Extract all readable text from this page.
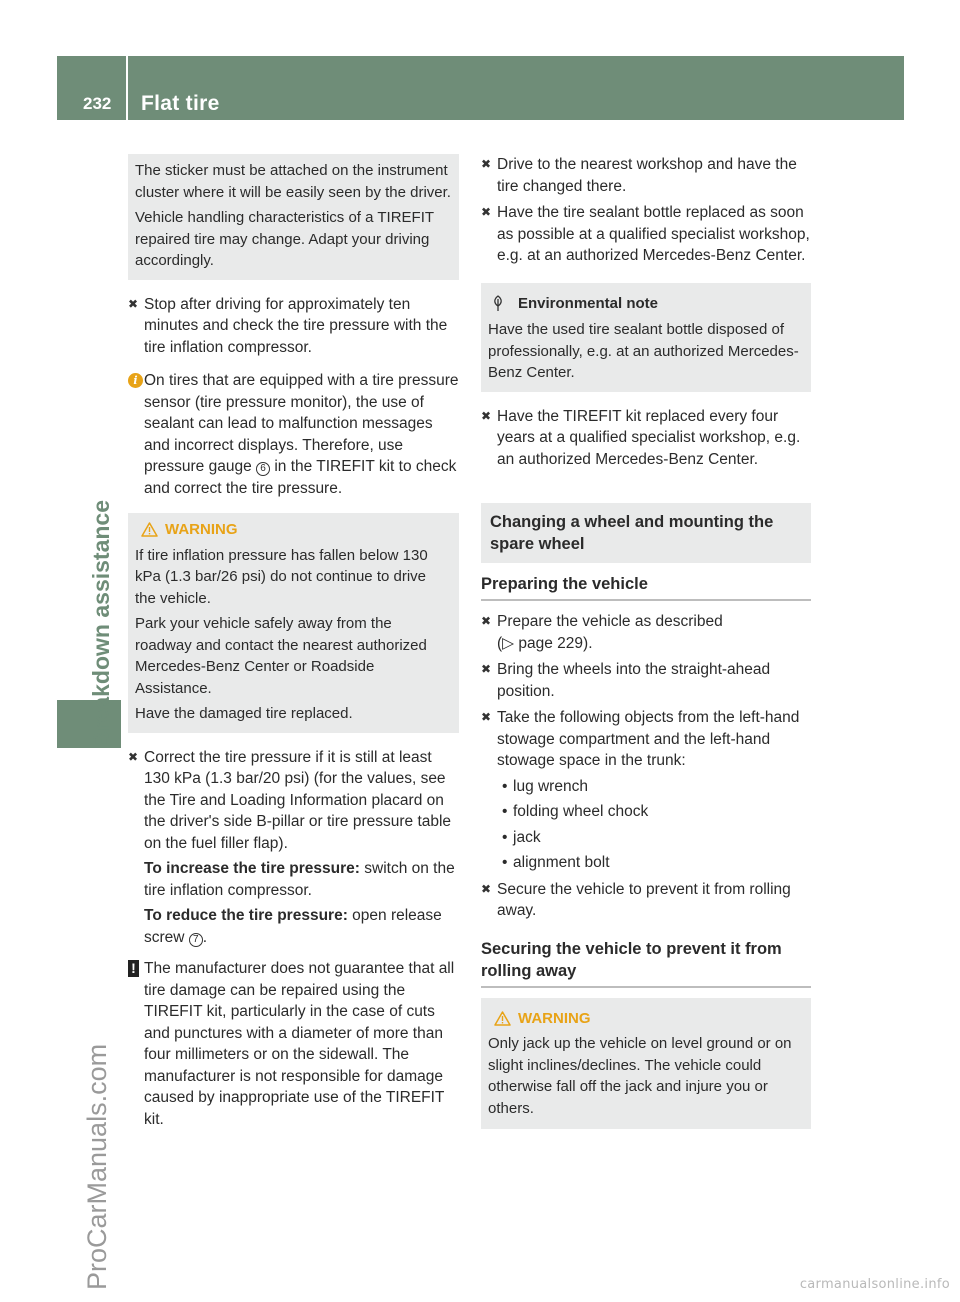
232 Flat tire
ProCarManuals.com
Breakdown assistance

The sticker must be attached on the instrument cluster where it will be easily seen by the driver.

Vehicle handling characteristics of a TIREFIT repaired tire may change. Adapt your driving accordingly.

✖ Stop after driving for approximately ten minutes and check the tire pressure with the tire inflation compressor.

i On tires that are equipped with a tire pressure sensor (tire pressure monitor), the use of sealant can lead to malfunction messages and incorrect displays. Therefore, use pressure gauge 6 in the TIREFIT kit to check and correct the tire pressure.

WARNING

If tire inflation pressure has fallen below 130 kPa (1.3 bar/26 psi) do not continue to drive the vehicle.

Park your vehicle safely away from the roadway and contact the nearest authorized Mercedes-Benz Center or Roadside Assistance.

Have the damaged tire replaced.

✖ Correct the tire pressure if it is still at least 130 kPa (1.3 bar/20 psi) (for the values, see the Tire and Loading Information placard on the driver's side B-pillar or tire pressure table on the fuel filler flap).

To increase the tire pressure: switch on the tire inflation compressor.

To reduce the tire pressure: open release screw 7 .

! The manufacturer does not guarantee that all tire damage can be repaired using the TIREFIT kit, particularly in the case of cuts and punctures with a diameter of more than four millimeters or on the sidewall. The manufacturer is not responsible for damage caused by inappropriate use of the TIREFIT kit.

✖ Drive to the nearest workshop and have the tire changed there.

✖ Have the tire sealant bottle replaced as soon as possible at a qualified specialist workshop, e.g. at an authorized Mercedes-Benz Center.

Environmental note

Have the used tire sealant bottle disposed of professionally, e.g. at an authorized Mercedes-Benz Center.

✖ Have the TIREFIT kit replaced every four years at a qualified specialist workshop, e.g. an authorized Mercedes-Benz Center.

Changing a wheel and mounting the spare wheel
Preparing the vehicle
✖ Prepare the vehicle as described
(▷ page 229).

✖ Bring the wheels into the straight-ahead position.

✖ Take the following objects from the left-hand stowage compartment and the left-hand stowage space in the trunk:

• lug wrench
• folding wheel chock
• jack
• alignment bolt
✖ Secure the vehicle to prevent it from rolling away.

Securing the vehicle to prevent it from rolling away
WARNING

Only jack up the vehicle on level ground or on slight inclines/declines. The vehicle could otherwise fall off the jack and injure you or others.

carmanualsonline.info
